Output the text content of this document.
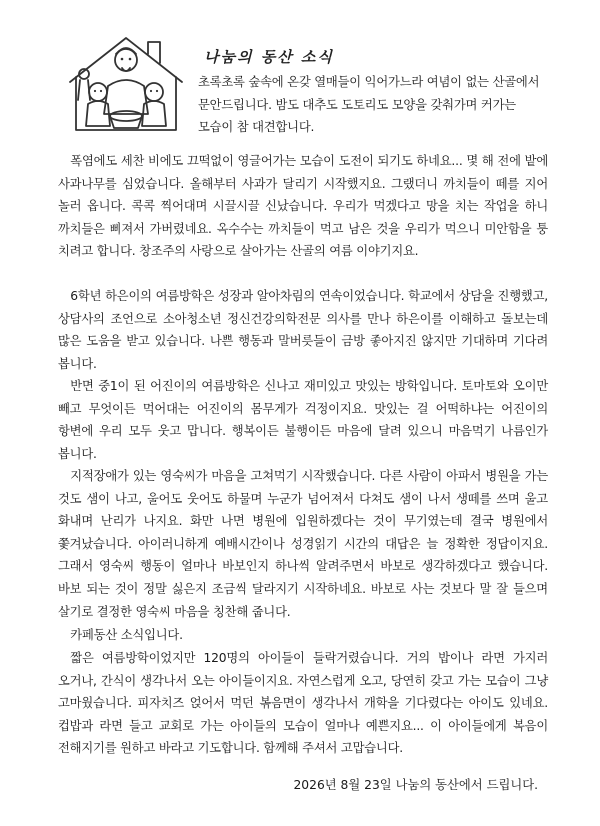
나눔의 동산 소식

초록초록 숲속에 온갖 열매들이 익어가느라 여념이 없는 산골에서 문안드립니다. 밤도 대추도 도토리도 모양을 갖춰가며 커가는 모습이 참 대견합니다.

폭염에도 세찬 비에도 끄떡없이 영글어가는 모습이 도전이 되기도 하네요... 몇 해 전에 밭에 사과나무를 심었습니다. 올해부터 사과가 달리기 시작했지요. 그랬더니 까치들이 떼를 지어 놀러 옵니다. 콕콕 찍어대며 시끌시끌 신났습니다. 우리가 먹겠다고 망을 치는 작업을 하니 까치들은 삐져서 가버렸네요. 옥수수는 까치들이 먹고 남은 것을 우리가 먹으니 미안함을 퉁 치려고 합니다. 창조주의 사랑으로 살아가는 산골의 여름 이야기지요.

6학년 하은이의 여름방학은 성장과 알아차림의 연속이었습니다. 학교에서 상담을 진행했고, 상담사의 조언으로 소아청소년 정신건강의학전문 의사를 만나 하은이를 이해하고 돌보는데 많은 도움을 받고 있습니다. 나쁜 행동과 말버릇들이 금방 좋아지진 않지만 기대하며 기다려 봅니다.

반면 중1이 된 어진이의 여름방학은 신나고 재미있고 맛있는 방학입니다. 토마토와 오이만 빼고 무엇이든 먹어대는 어진이의 몸무게가 걱정이지요. 맛있는 걸 어떡하냐는 어진이의 항변에 우리 모두 웃고 맙니다. 행복이든 불행이든 마음에 달려 있으니 마음먹기 나름인가 봅니다.

지적장애가 있는 영숙씨가 마음을 고쳐먹기 시작했습니다. 다른 사람이 아파서 병원을 가는 것도 샘이 나고, 울어도 웃어도 하물며 누군가 넘어져서 다쳐도 샘이 나서 생떼를 쓰며 울고 화내며 난리가 나지요. 화만 나면 병원에 입원하겠다는 것이 무기였는데 결국 병원에서 쫓겨났습니다. 아이러니하게 예배시간이나 성경읽기 시간의 대답은 늘 정확한 정답이지요. 그래서 영숙씨 행동이 얼마나 바보인지 하나씩 알려주면서 바보로 생각하겠다고 했습니다. 바보 되는 것이 정말 싫은지 조금씩 달라지기 시작하네요. 바보로 사는 것보다 말 잘 들으며 살기로 결정한 영숙씨 마음을 칭찬해 줍니다.

카페동산 소식입니다.

짧은 여름방학이었지만 120명의 아이들이 들락거렸습니다. 거의 밥이나 라면 가지러 오거나, 간식이 생각나서 오는 아이들이지요. 자연스럽게 오고, 당연히 갖고 가는 모습이 그냥 고마웠습니다. 피자치즈 얹어서 먹던 볶음면이 생각나서 개학을 기다렸다는 아이도 있네요. 컵밥과 라면 들고 교회로 가는 아이들의 모습이 얼마나 예쁜지요... 이 아이들에게 복음이 전해지기를 원하고 바라고 기도합니다. 함께해 주셔서 고맙습니다.

2026년 8월 23일 나눔의 동산에서 드립니다.
